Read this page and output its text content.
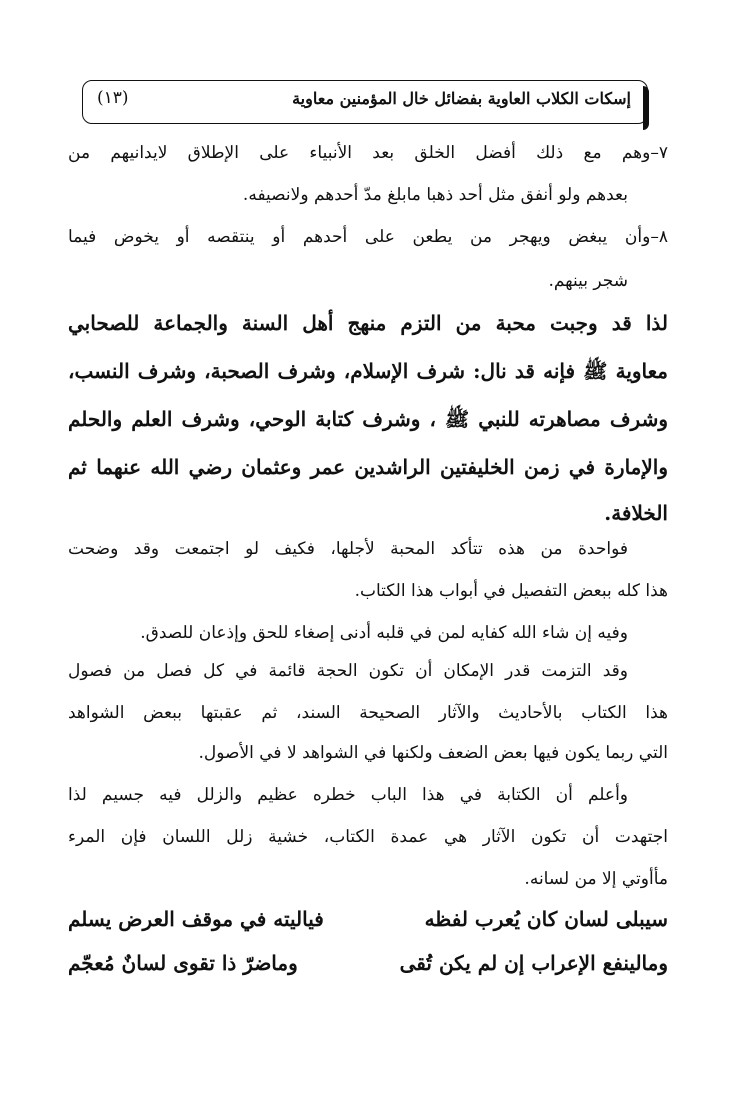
إسكات الكلاب العاوية بفضائل خال المؤمنين معاوية
(١٣)
٧–وهم مع ذلك أفضل الخلق بعد الأنبياء على الإطلاق لايدانيهم من
بعدهم ولو أنفق مثل أحد ذهبا مابلغ مدّ أحدهم ولانصيفه.
٨–وأن يبغض ويهجر من يطعن على أحدهم أو ينتقصه أو يخوض فيما
شجر بينهم.
لذا قد وجبت محبة من التزم منهج أهل السنة والجماعة للصحابي
معاوية ﷺ فإنه قد نال: شرف الإسلام، وشرف الصحبة، وشرف النسب،
وشرف مصاهرته للنبي ﷺ ، وشرف كتابة الوحي، وشرف العلم والحلم
والإمارة في زمن الخليفتين الراشدين عمر وعثمان رضي الله عنهما ثم
الخلافة.
فواحدة من هذه تتأكد المحبة لأجلها، فكيف لو اجتمعت وقد وضحت
هذا كله ببعض التفصيل في أبواب هذا الكتاب.
وفيه إن شاء الله كفايه لمن في قلبه أدنى إصغاء للحق وإذعان للصدق.
وقد التزمت قدر الإمكان أن تكون الحجة قائمة في كل فصل من فصول
هذا الكتاب بالأحاديث والآثار الصحيحة السند، ثم عقبتها ببعض الشواهد
التي ربما يكون فيها بعض الضعف ولكنها في الشواهد لا في الأصول.
وأعلم أن الكتابة في هذا الباب خطره عظيم والزلل فيه جسيم لذا
اجتهدت أن تكون الآثار هي عمدة الكتاب، خشية زلل اللسان فإن المرء
مأأوتي إلا من لسانه.
سيبلى لسان كان يُعرب لفظه
فياليته في موقف العرض يسلم
ومالينفع الإعراب إن لم يكن تُقى
وماضرّ ذا تقوى لسانٌ مُعجّم
